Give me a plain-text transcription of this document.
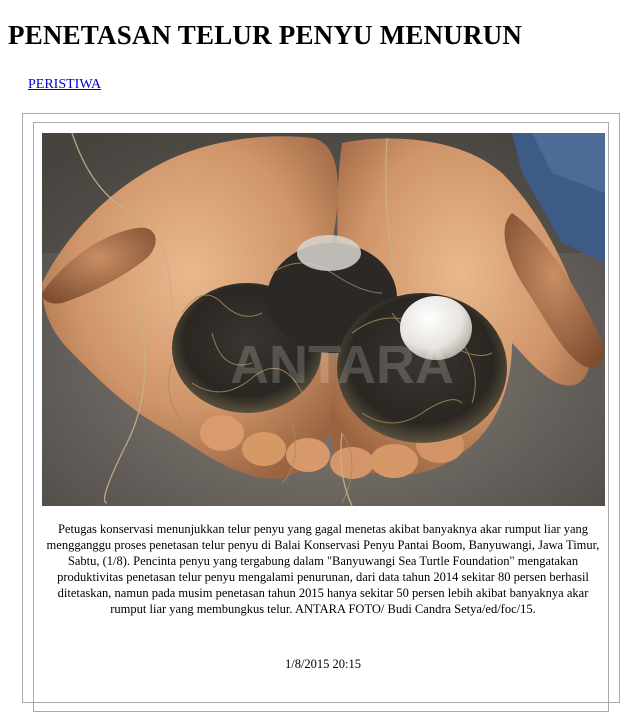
PENETASAN TELUR PENYU MENURUN
PERISTIWA
ANTARA

Petugas konservasi menunjukkan telur penyu yang gagal menetas akibat banyaknya akar rumput liar yang mengganggu proses penetasan telur penyu di Balai Konservasi Penyu Pantai Boom, Banyuwangi, Jawa Timur, Sabtu, (1/8). Pencinta penyu yang tergabung dalam "Banyuwangi Sea Turtle Foundation" mengatakan produktivitas penetasan telur penyu mengalami penurunan, dari data tahun 2014 sekitar 80 persen berhasil ditetaskan, namun pada musim penetasan tahun 2015 hanya sekitar 50 persen lebih akibat banyaknya akar rumput liar yang membungkus telur. ANTARA FOTO/ Budi Candra Setya/ed/foc/15.

1/8/2015 20:15
